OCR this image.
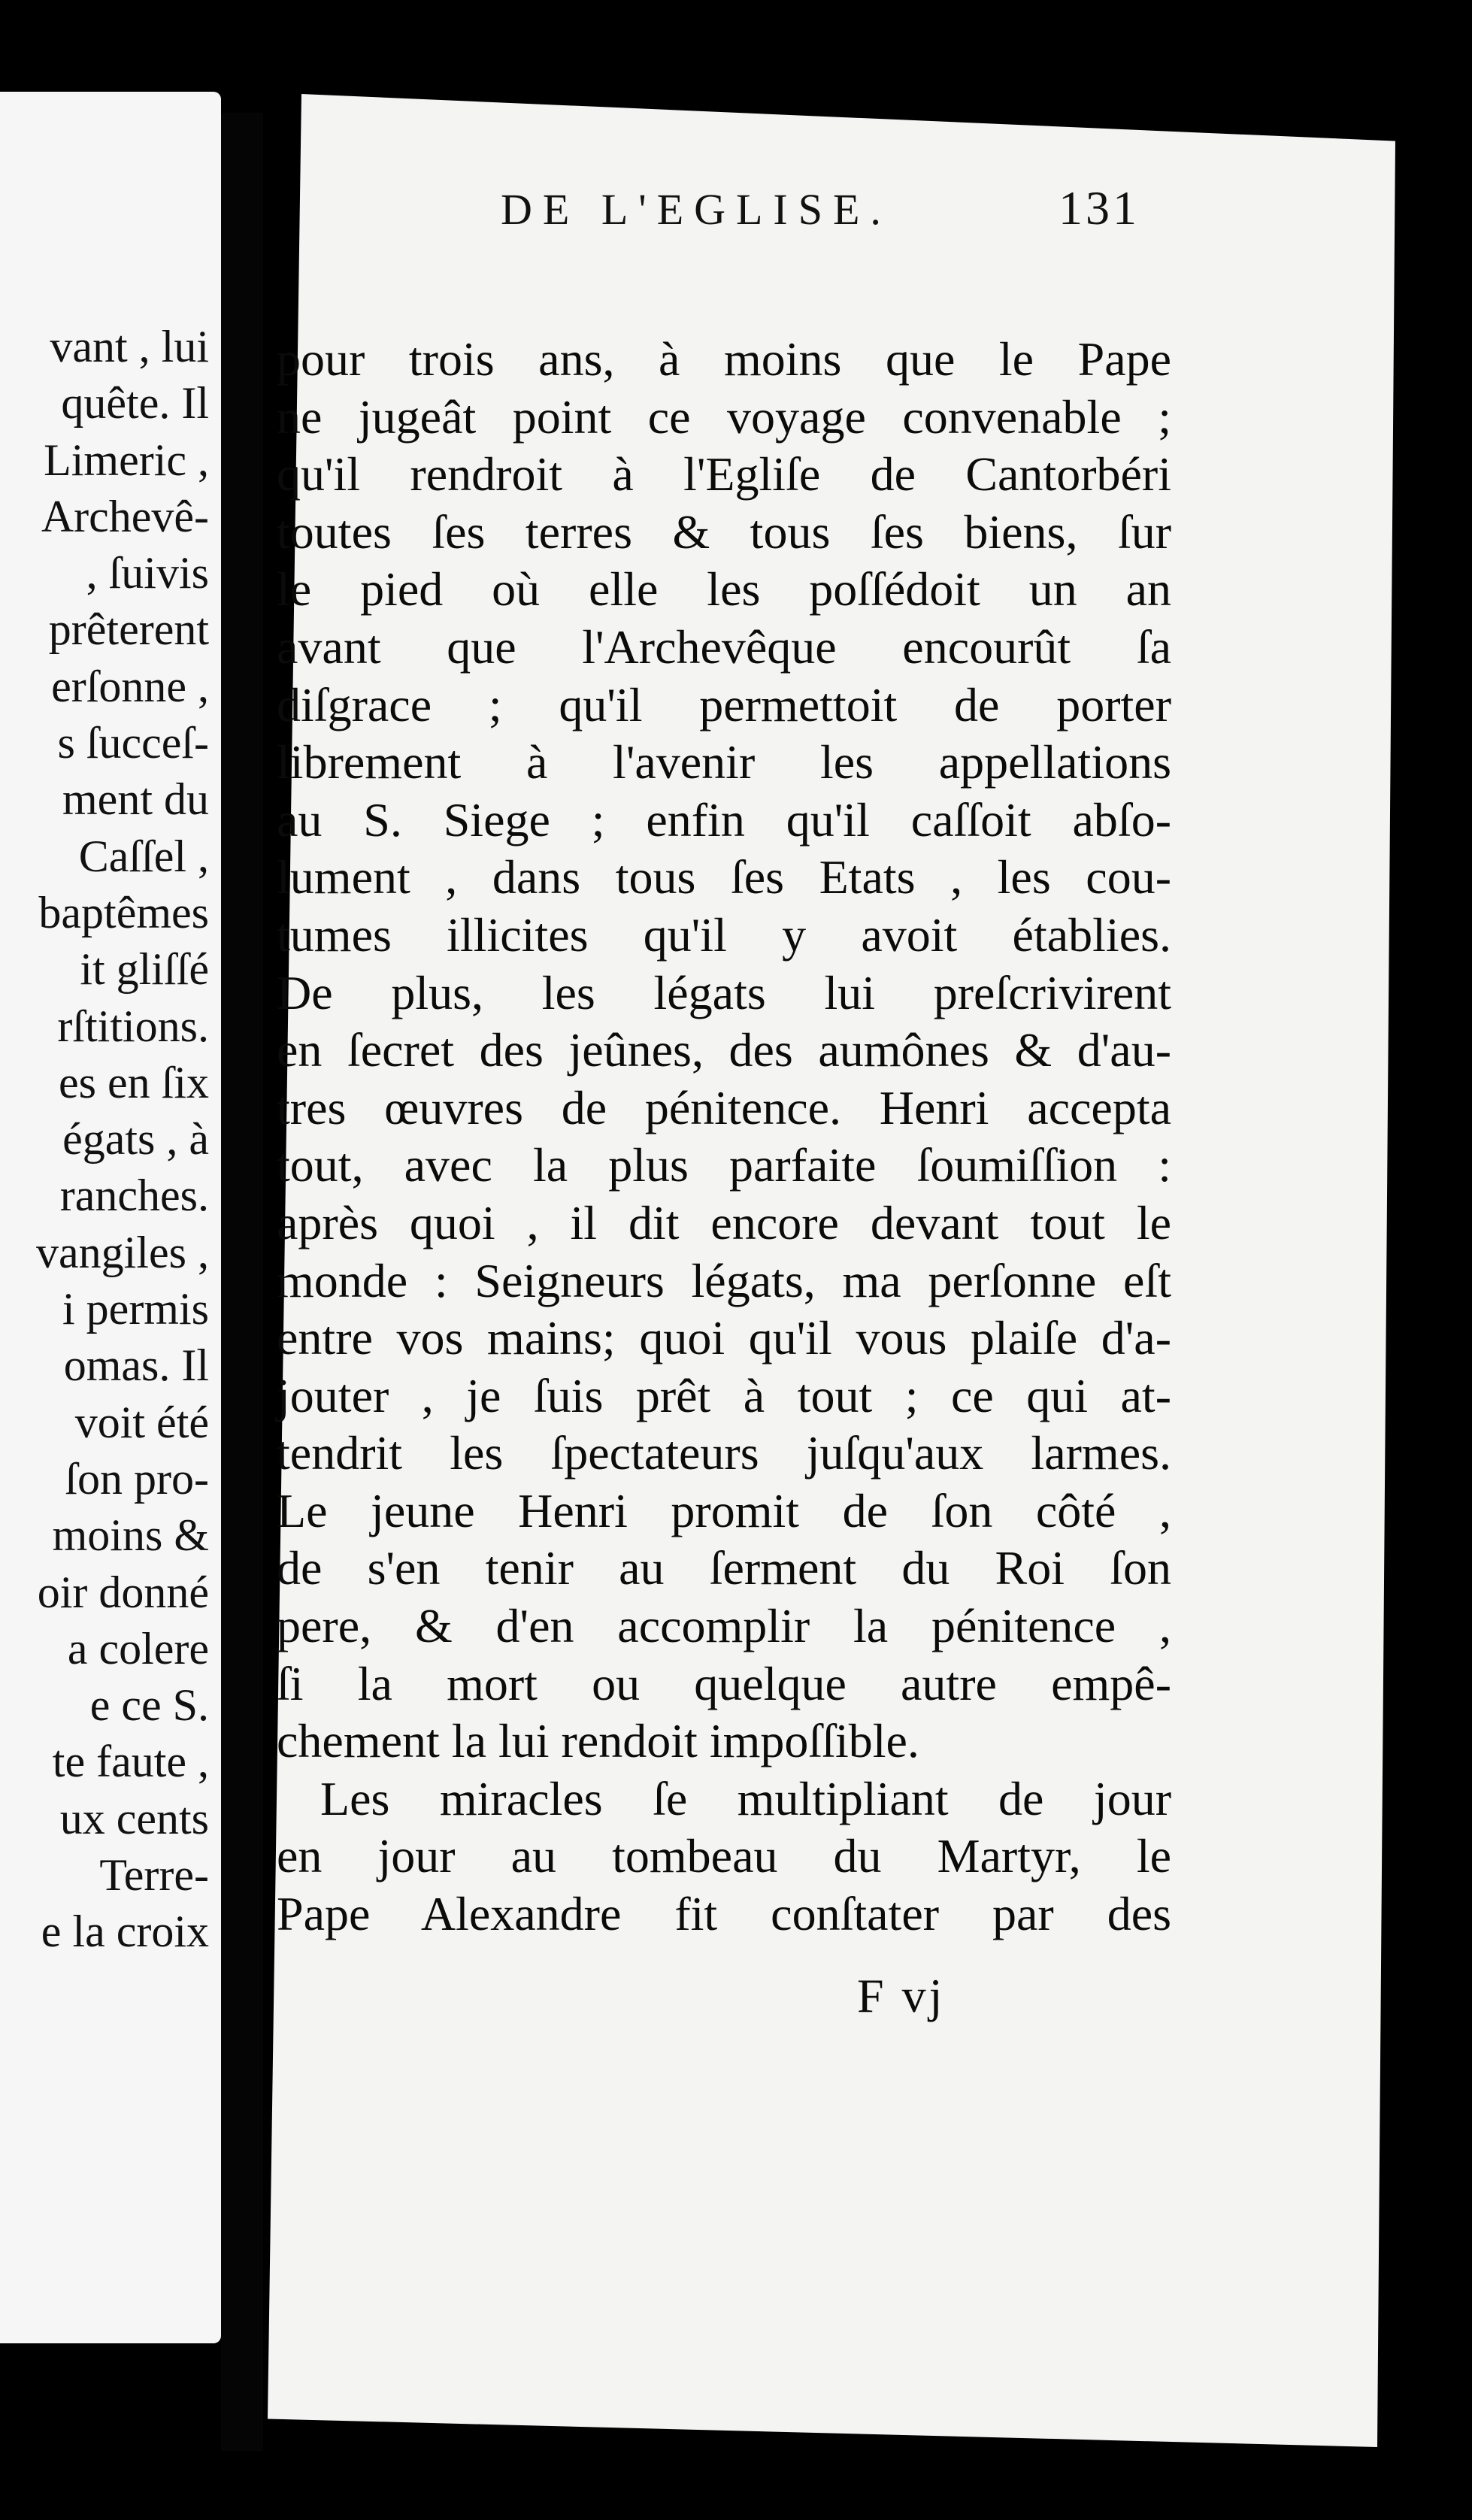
vant , lui
quête. Il
Limeric ,
Archevê-
, ſuivis
prêterent
erſonne ,
s ſucceſ-
ment du
Caſſel ,
baptêmes
it gliſſé
rſtitions.
es en ſix
égats , à
ranches.
vangiles ,
i permis
omas. Il
voit été
ſon pro-
moins &
oir donné
a colere
e ce S.
te faute ,
ux cents
Terre-
e la croix
DE L'EGLISE.	131
pour trois ans, à moins que le Pape
ne jugeât point ce voyage convenable ;
qu'il rendroit à l'Egliſe de Cantorbéri
toutes ſes terres & tous ſes biens, ſur
le pied où elle les poſſédoit un an
avant que l'Archevêque encourût ſa
diſgrace ; qu'il permettoit de porter
librement à l'avenir les appellations
au S. Siege ; enfin qu'il caſſoit abſo-
lument , dans tous ſes Etats , les cou-
tumes illicites qu'il y avoit établies.
De plus, les légats lui preſcrivirent
en ſecret des jeûnes, des aumônes & d'au-
tres œuvres de pénitence. Henri accepta
tout, avec la plus parfaite ſoumiſſion :
après quoi , il dit encore devant tout le
monde : Seigneurs légats, ma perſonne eſt
entre vos mains; quoi qu'il vous plaiſe d'a-
jouter , je ſuis prêt à tout ; ce qui at-
tendrit les ſpectateurs juſqu'aux larmes.
Le jeune Henri promit de ſon côté ,
de s'en tenir au ſerment du Roi ſon
pere, & d'en accomplir la pénitence ,
ſi la mort ou quelque autre empê-
chement la lui rendoit impoſſible.
Les miracles ſe multipliant de jour
en jour au tombeau du Martyr, le
Pape Alexandre fit conſtater par des
F vj
